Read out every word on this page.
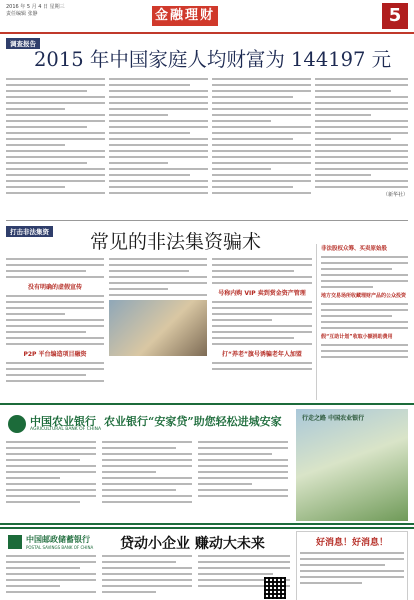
2016 年 5 月 4 日 星期三
责任编辑 张静	金融理财	5
调查报告
2015 年中国家庭人均财富为 144197 元
（新华社）
打击非法集资 常见的非法集资骗术
没有明确的虚假宣传
P2P 平台编造项目融资
号称内购 VIP 卖到赏金资产管理
打“养老”旗号诱骗老年人加盟
非法股权众筹、买卖原始股
地方交易场所收藏理财产品的公众投资
假“互助计划”收取小额捐助费用
中国农业银行
AGRICULTURAL BANK OF CHINA
农业银行“安家贷”助您轻松进城安家	行走之路 中国农业银行
中国邮政储蓄银行
POSTAL SAVINGS BANK OF CHINA 贷动小企业 赚动大未来	好消息！好消息！
